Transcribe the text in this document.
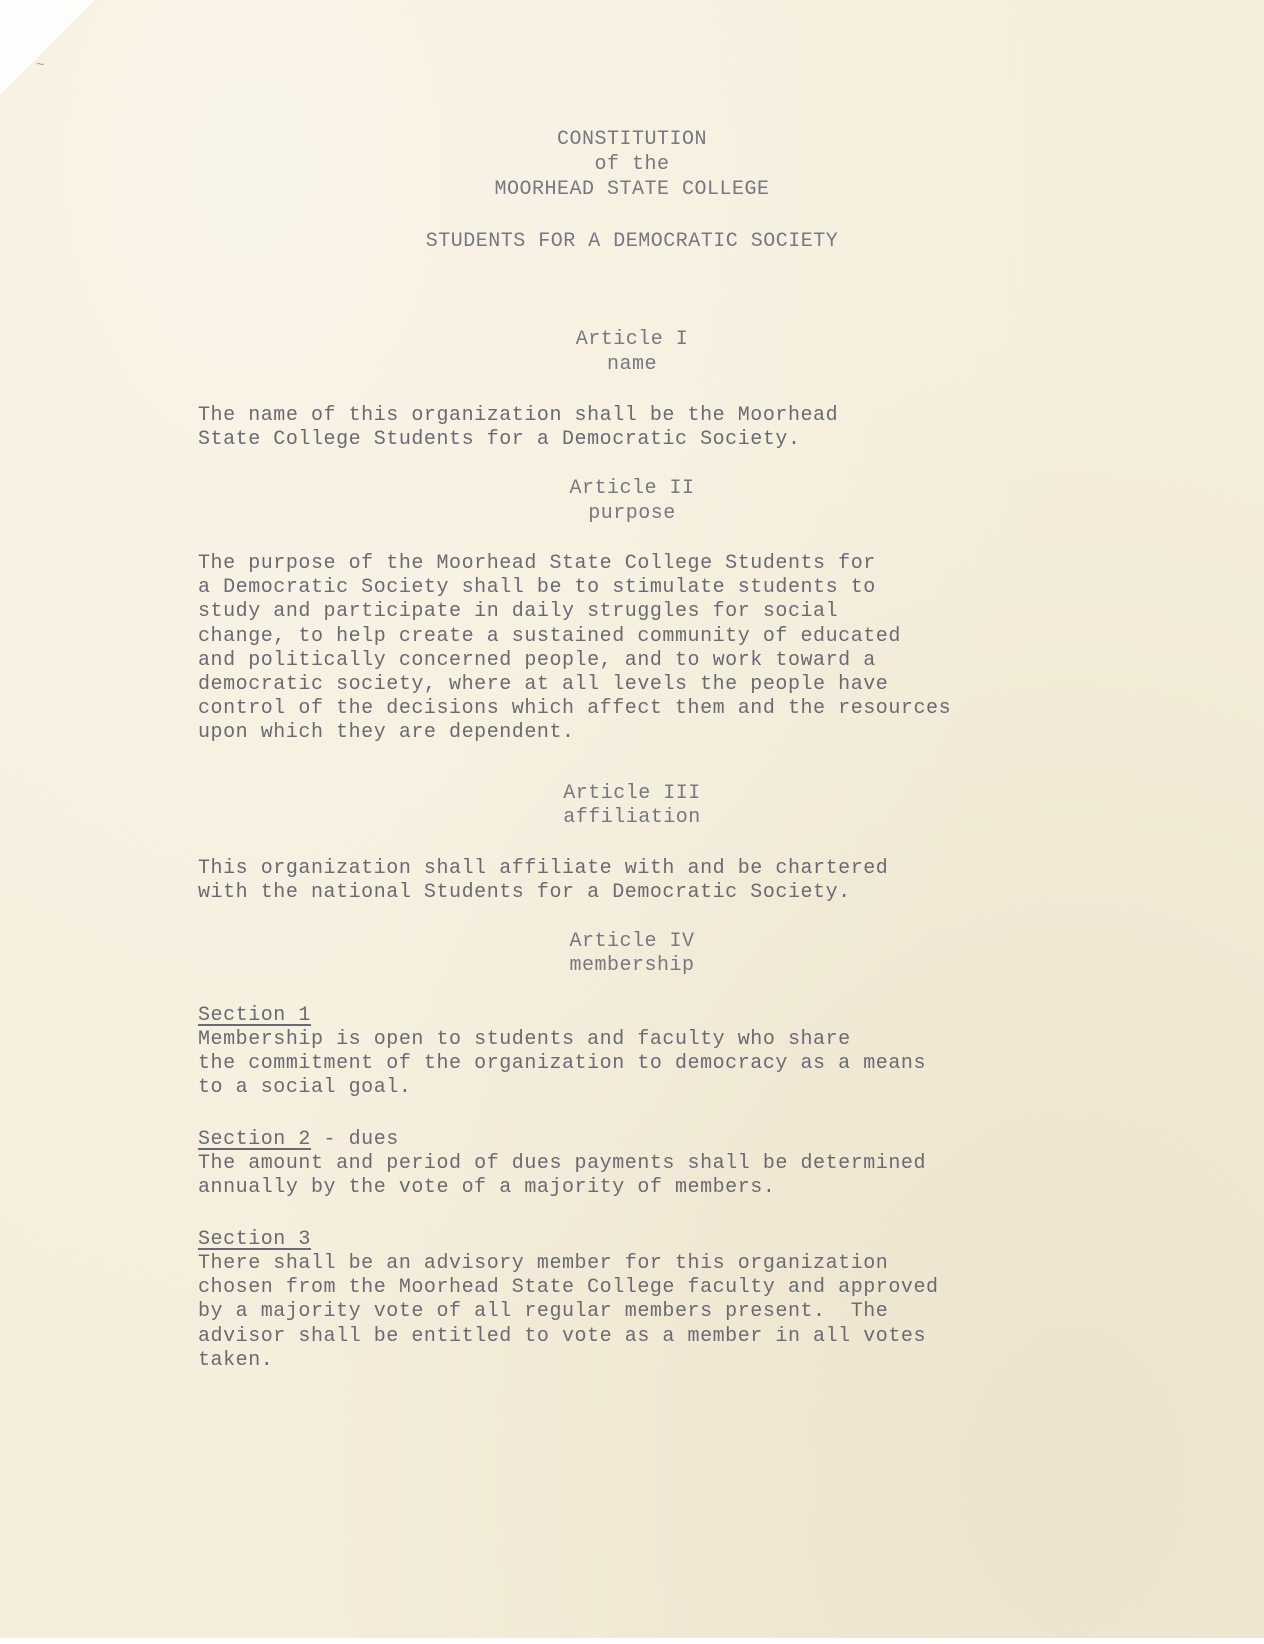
~
CONSTITUTION
of the
MOORHEAD STATE COLLEGE
STUDENTS FOR A DEMOCRATIC SOCIETY
Article I
name
The name of this organization shall be the Moorhead
State College Students for a Democratic Society.
Article II
purpose
The purpose of the Moorhead State College Students for
a Democratic Society shall be to stimulate students to
study and participate in daily struggles for social
change, to help create a sustained community of educated
and politically concerned people, and to work toward a
democratic society, where at all levels the people have
control of the decisions which affect them and the resources
upon which they are dependent.
Article III
affiliation
This organization shall affiliate with and be chartered
with the national Students for a Democratic Society.
Article IV
membership
Section 1
Membership is open to students and faculty who share
the commitment of the organization to democracy as a means
to a social goal.
Section 2 - dues
The amount and period of dues payments shall be determined
annually by the vote of a majority of members.
Section 3
There shall be an advisory member for this organization
chosen from the Moorhead State College faculty and approved
by a majority vote of all regular members present.  The
advisor shall be entitled to vote as a member in all votes
taken.
